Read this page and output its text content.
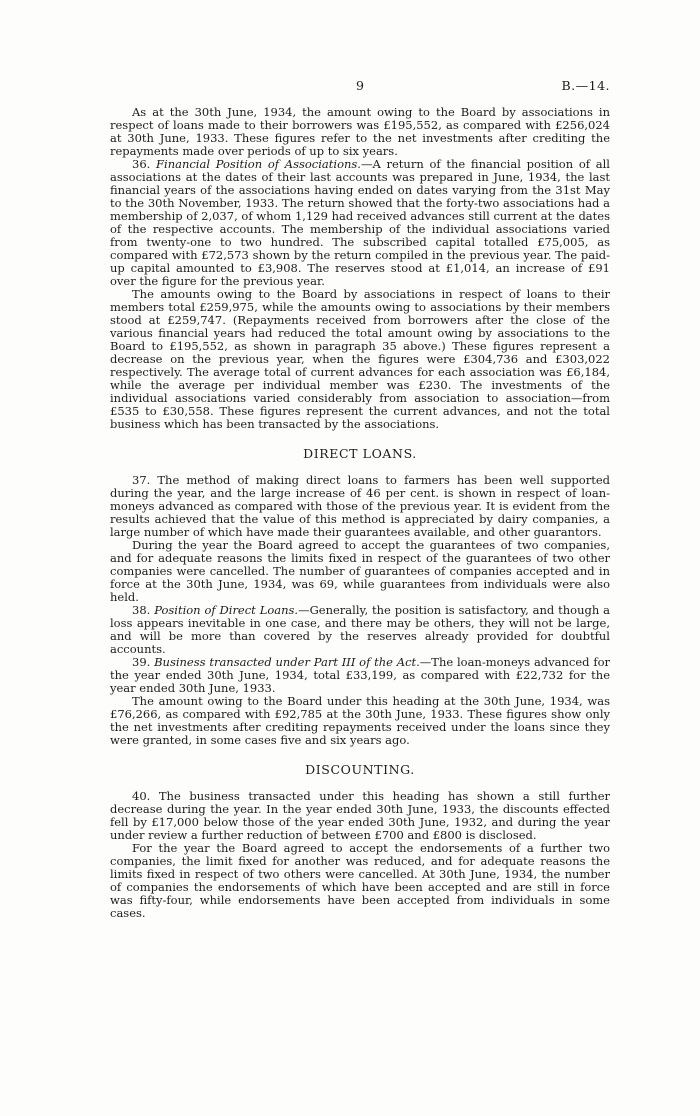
9	B.—14.

As at the 30th June, 1934, the amount owing to the Board by associations in respect of loans made to their borrowers was £195,552, as compared with £256,024 at 30th June, 1933. These figures refer to the net investments after crediting the repayments made over periods of up to six years.

36. Financial Position of Associations.—A return of the financial position of all associations at the dates of their last accounts was prepared in June, 1934, the last financial years of the associations having ended on dates varying from the 31st May to the 30th November, 1933. The return showed that the forty-two associations had a membership of 2,037, of whom 1,129 had received advances still current at the dates of the respective accounts. The membership of the individual associations varied from twenty-one to two hundred. The subscribed capital totalled £75,005, as compared with £72,573 shown by the return compiled in the previous year. The paid-up capital amounted to £3,908. The reserves stood at £1,014, an increase of £91 over the figure for the previous year.

The amounts owing to the Board by associations in respect of loans to their members total £259,975, while the amounts owing to associations by their members stood at £259,747. (Repayments received from borrowers after the close of the various financial years had reduced the total amount owing by associations to the Board to £195,552, as shown in paragraph 35 above.) These figures represent a decrease on the previous year, when the figures were £304,736 and £303,022 respectively. The average total of current advances for each association was £6,184, while the average per individual member was £230. The investments of the individual associations varied considerably from association to association—from £535 to £30,558. These figures represent the current advances, and not the total business which has been transacted by the associations.

DIRECT LOANS.

37. The method of making direct loans to farmers has been well supported during the year, and the large increase of 46 per cent. is shown in respect of loan-moneys advanced as compared with those of the previous year. It is evident from the results achieved that the value of this method is appreciated by dairy companies, a large number of which have made their guarantees available, and other guarantors.

During the year the Board agreed to accept the guarantees of two companies, and for adequate reasons the limits fixed in respect of the guarantees of two other companies were cancelled. The number of guarantees of companies accepted and in force at the 30th June, 1934, was 69, while guarantees from individuals were also held.

38. Position of Direct Loans.—Generally, the position is satisfactory, and though a loss appears inevitable in one case, and there may be others, they will not be large, and will be more than covered by the reserves already provided for doubtful accounts.

39. Business transacted under Part III of the Act.—The loan-moneys advanced for the year ended 30th June, 1934, total £33,199, as compared with £22,732 for the year ended 30th June, 1933.

The amount owing to the Board under this heading at the 30th June, 1934, was £76,266, as compared with £92,785 at the 30th June, 1933. These figures show only the net investments after crediting repayments received under the loans since they were granted, in some cases five and six years ago.

DISCOUNTING.

40. The business transacted under this heading has shown a still further decrease during the year. In the year ended 30th June, 1933, the discounts effected fell by £17,000 below those of the year ended 30th June, 1932, and during the year under review a further reduction of between £700 and £800 is disclosed.

For the year the Board agreed to accept the endorsements of a further two companies, the limit fixed for another was reduced, and for adequate reasons the limits fixed in respect of two others were cancelled. At 30th June, 1934, the number of companies the endorsements of which have been accepted and are still in force was fifty-four, while endorsements have been accepted from individuals in some cases.
